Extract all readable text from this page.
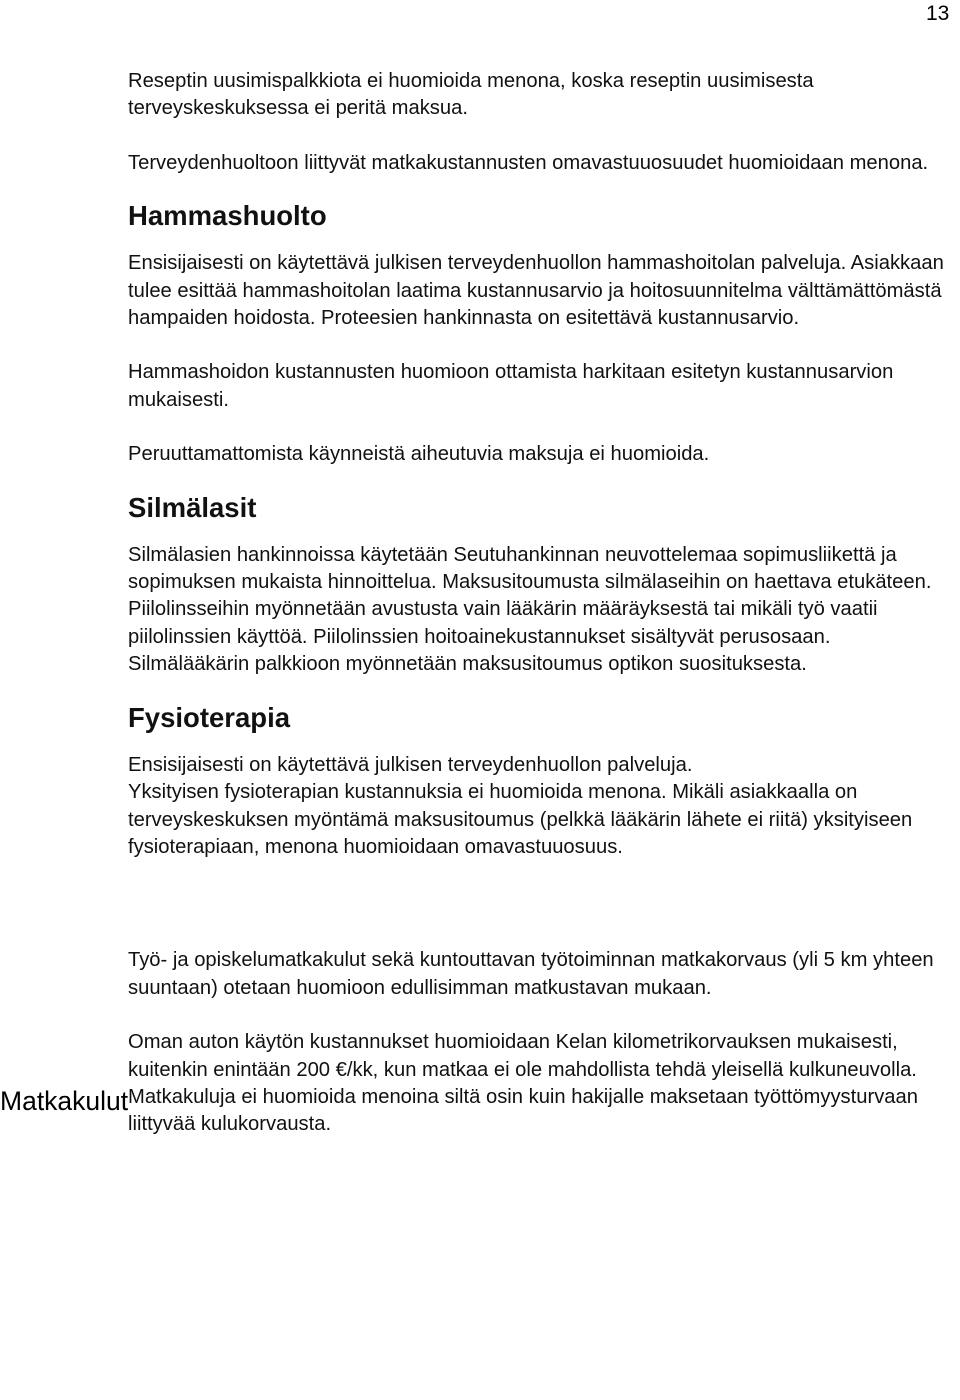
13
Matkakulut

Reseptin uusimispalkkiota ei huomioida menona, koska reseptin uusimisesta terveyskeskuksessa ei peritä maksua.

Terveydenhuoltoon liittyvät matkakustannusten omavastuuosuudet huomioidaan menona.

Hammashuolto

Ensisijaisesti on käytettävä julkisen terveydenhuollon hammashoitolan palveluja. Asiakkaan tulee esittää hammashoitolan laatima kustannusarvio ja hoitosuunnitelma välttämättömästä hampaiden hoidosta. Proteesien hankinnasta on esitettävä kustannusarvio.

Hammashoidon kustannusten huomioon ottamista harkitaan esitetyn kustannusarvion mukaisesti.

Peruuttamattomista käynneistä aiheutuvia maksuja ei huomioida.

Silmälasit

Silmälasien hankinnoissa käytetään Seutuhankinnan neuvottelemaa sopimusliikettä ja sopimuksen mukaista hinnoittelua. Maksusitoumusta silmälaseihin on haettava etukäteen.

Piilolinsseihin myönnetään avustusta vain lääkärin määräyksestä tai mikäli työ vaatii piilolinssien käyttöä. Piilolinssien hoitoainekustannukset sisältyvät perusosaan.

Silmälääkärin palkkioon myönnetään maksusitoumus optikon suosituksesta.

Fysioterapia

Ensisijaisesti on käytettävä julkisen terveydenhuollon palveluja.

Yksityisen fysioterapian kustannuksia ei huomioida menona. Mikäli asiakkaalla on terveyskeskuksen myöntämä maksusitoumus (pelkkä lääkärin lähete ei riitä) yksityiseen fysioterapiaan, menona huomioidaan omavastuuosuus.

Työ- ja opiskelumatkakulut sekä kuntouttavan työtoiminnan matkakorvaus (yli 5 km yhteen suuntaan) otetaan huomioon edullisimman matkustavan mukaan.

Oman auton käytön kustannukset huomioidaan Kelan kilometrikorvauksen mukaisesti, kuitenkin enintään 200 €/kk, kun matkaa ei ole mahdollista tehdä yleisellä kulkuneuvolla.

Matkakuluja ei huomioida menoina siltä osin kuin hakijalle maksetaan työttömyysturvaan liittyvää kulukorvausta.
